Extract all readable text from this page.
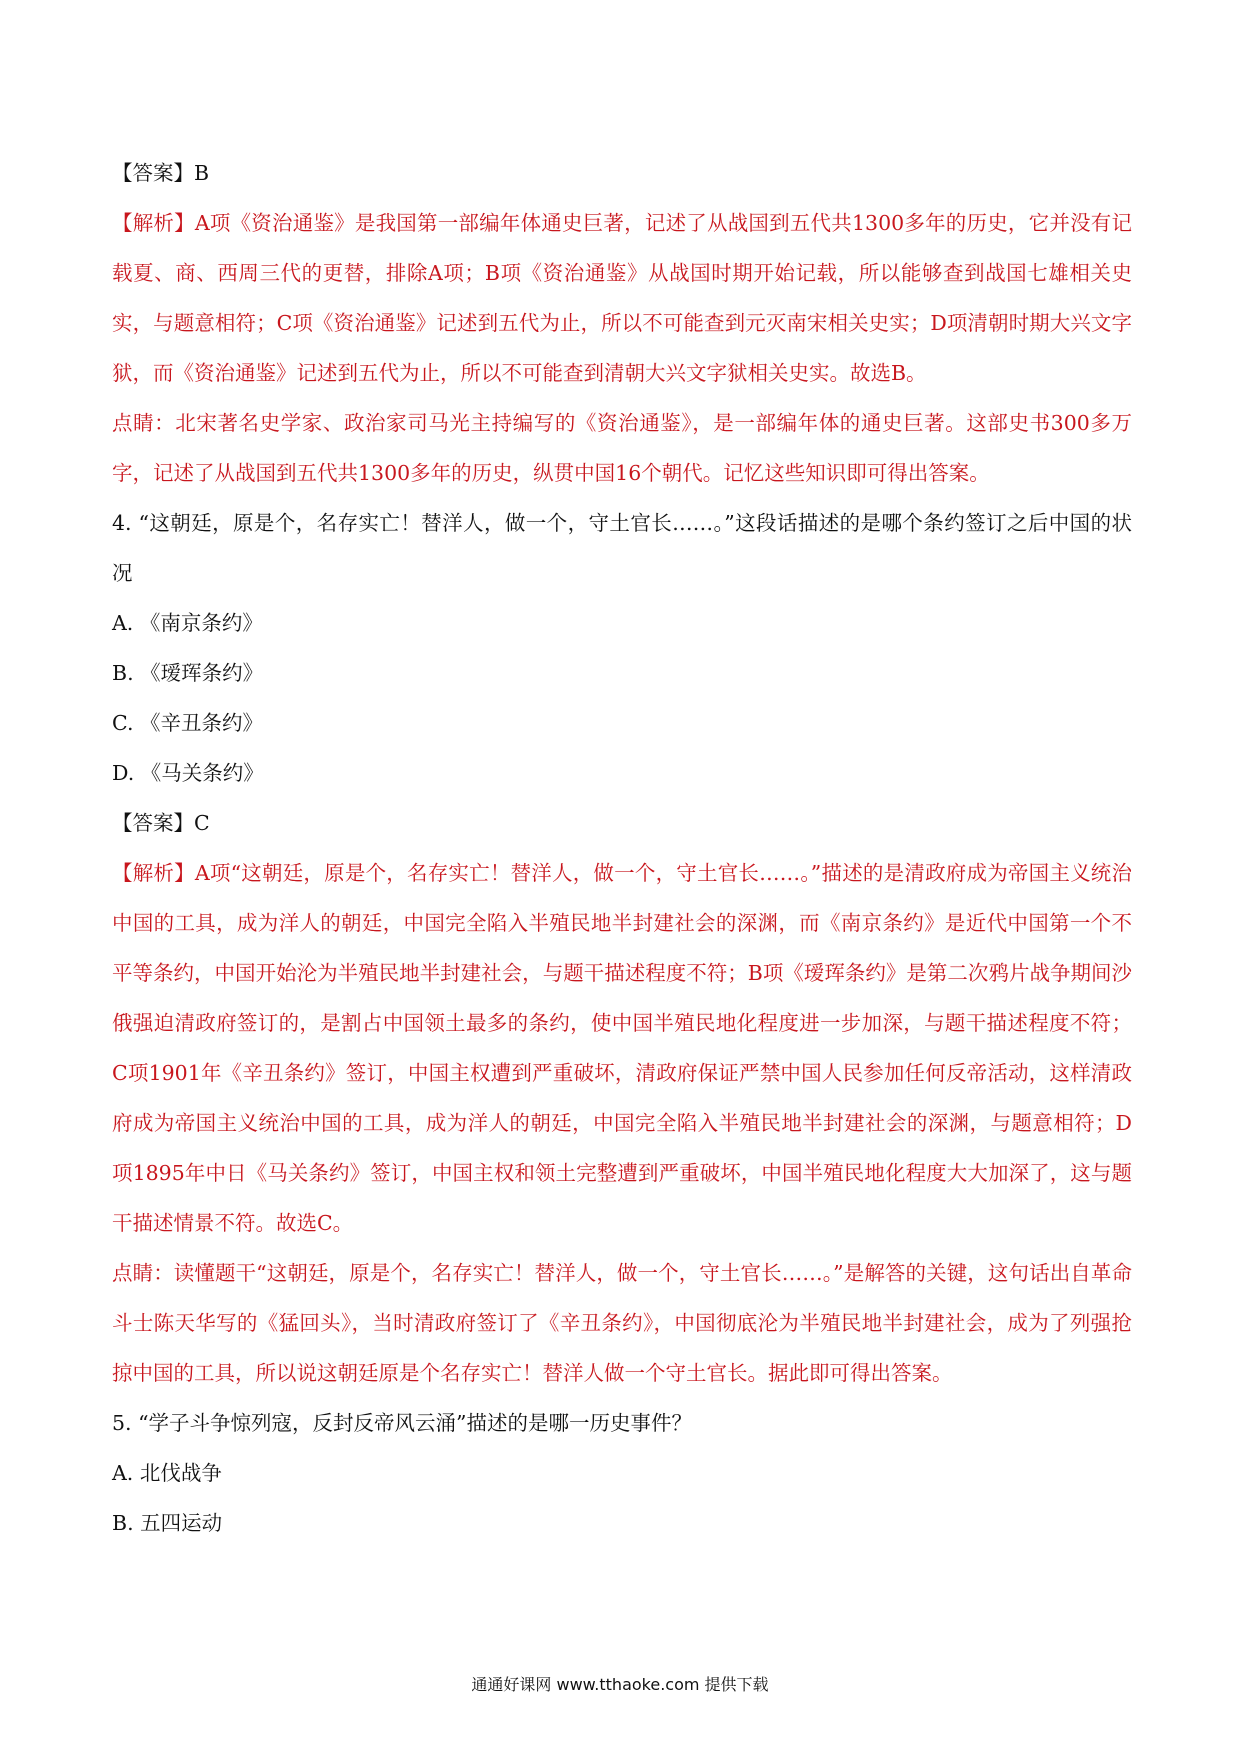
【答案】B
【解析】A项《资治通鉴》是我国第一部编年体通史巨著，记述了从战国到五代共1300多年的历史，它并没有记载夏、商、西周三代的更替，排除A项；B项《资治通鉴》从战国时期开始记载，所以能够查到战国七雄相关史实，与题意相符；C项《资治通鉴》记述到五代为止，所以不可能查到元灭南宋相关史实；D项清朝时期大兴文字狱，而《资治通鉴》记述到五代为止，所以不可能查到清朝大兴文字狱相关史实。故选B。
点睛：北宋著名史学家、政治家司马光主持编写的《资治通鉴》，是一部编年体的通史巨著。这部史书300多万字，记述了从战国到五代共1300多年的历史，纵贯中国16个朝代。记忆这些知识即可得出答案。
4. “这朝廷，原是个，名存实亡！替洋人，做一个，守土官长……。”这段话描述的是哪个条约签订之后中国的状况
A. 《南京条约》
B. 《瑷珲条约》
C. 《辛丑条约》
D. 《马关条约》
【答案】C
【解析】A项“这朝廷，原是个，名存实亡！替洋人，做一个，守土官长……。”描述的是清政府成为帝国主义统治中国的工具，成为洋人的朝廷，中国完全陷入半殖民地半封建社会的深渊，而《南京条约》是近代中国第一个不平等条约，中国开始沦为半殖民地半封建社会，与题干描述程度不符；B项《瑷珲条约》是第二次鸦片战争期间沙俄强迫清政府签订的，是割占中国领土最多的条约，使中国半殖民地化程度进一步加深，与题干描述程度不符；C项1901年《辛丑条约》签订，中国主权遭到严重破坏，清政府保证严禁中国人民参加任何反帝活动，这样清政府成为帝国主义统治中国的工具，成为洋人的朝廷，中国完全陷入半殖民地半封建社会的深渊，与题意相符；D项1895年中日《马关条约》签订，中国主权和领土完整遭到严重破坏，中国半殖民地化程度大大加深了，这与题干描述情景不符。故选C。
点睛：读懂题干“这朝廷，原是个，名存实亡！替洋人，做一个，守土官长……。”是解答的关键，这句话出自革命斗士陈天华写的《猛回头》，当时清政府签订了《辛丑条约》，中国彻底沦为半殖民地半封建社会，成为了列强抢掠中国的工具，所以说这朝廷原是个名存实亡！替洋人做一个守土官长。据此即可得出答案。
5. “学子斗争惊列寇，反封反帝风云涌”描述的是哪一历史事件？
A. 北伐战争
B. 五四运动
通通好课网 www.tthaoke.com 提供下载
